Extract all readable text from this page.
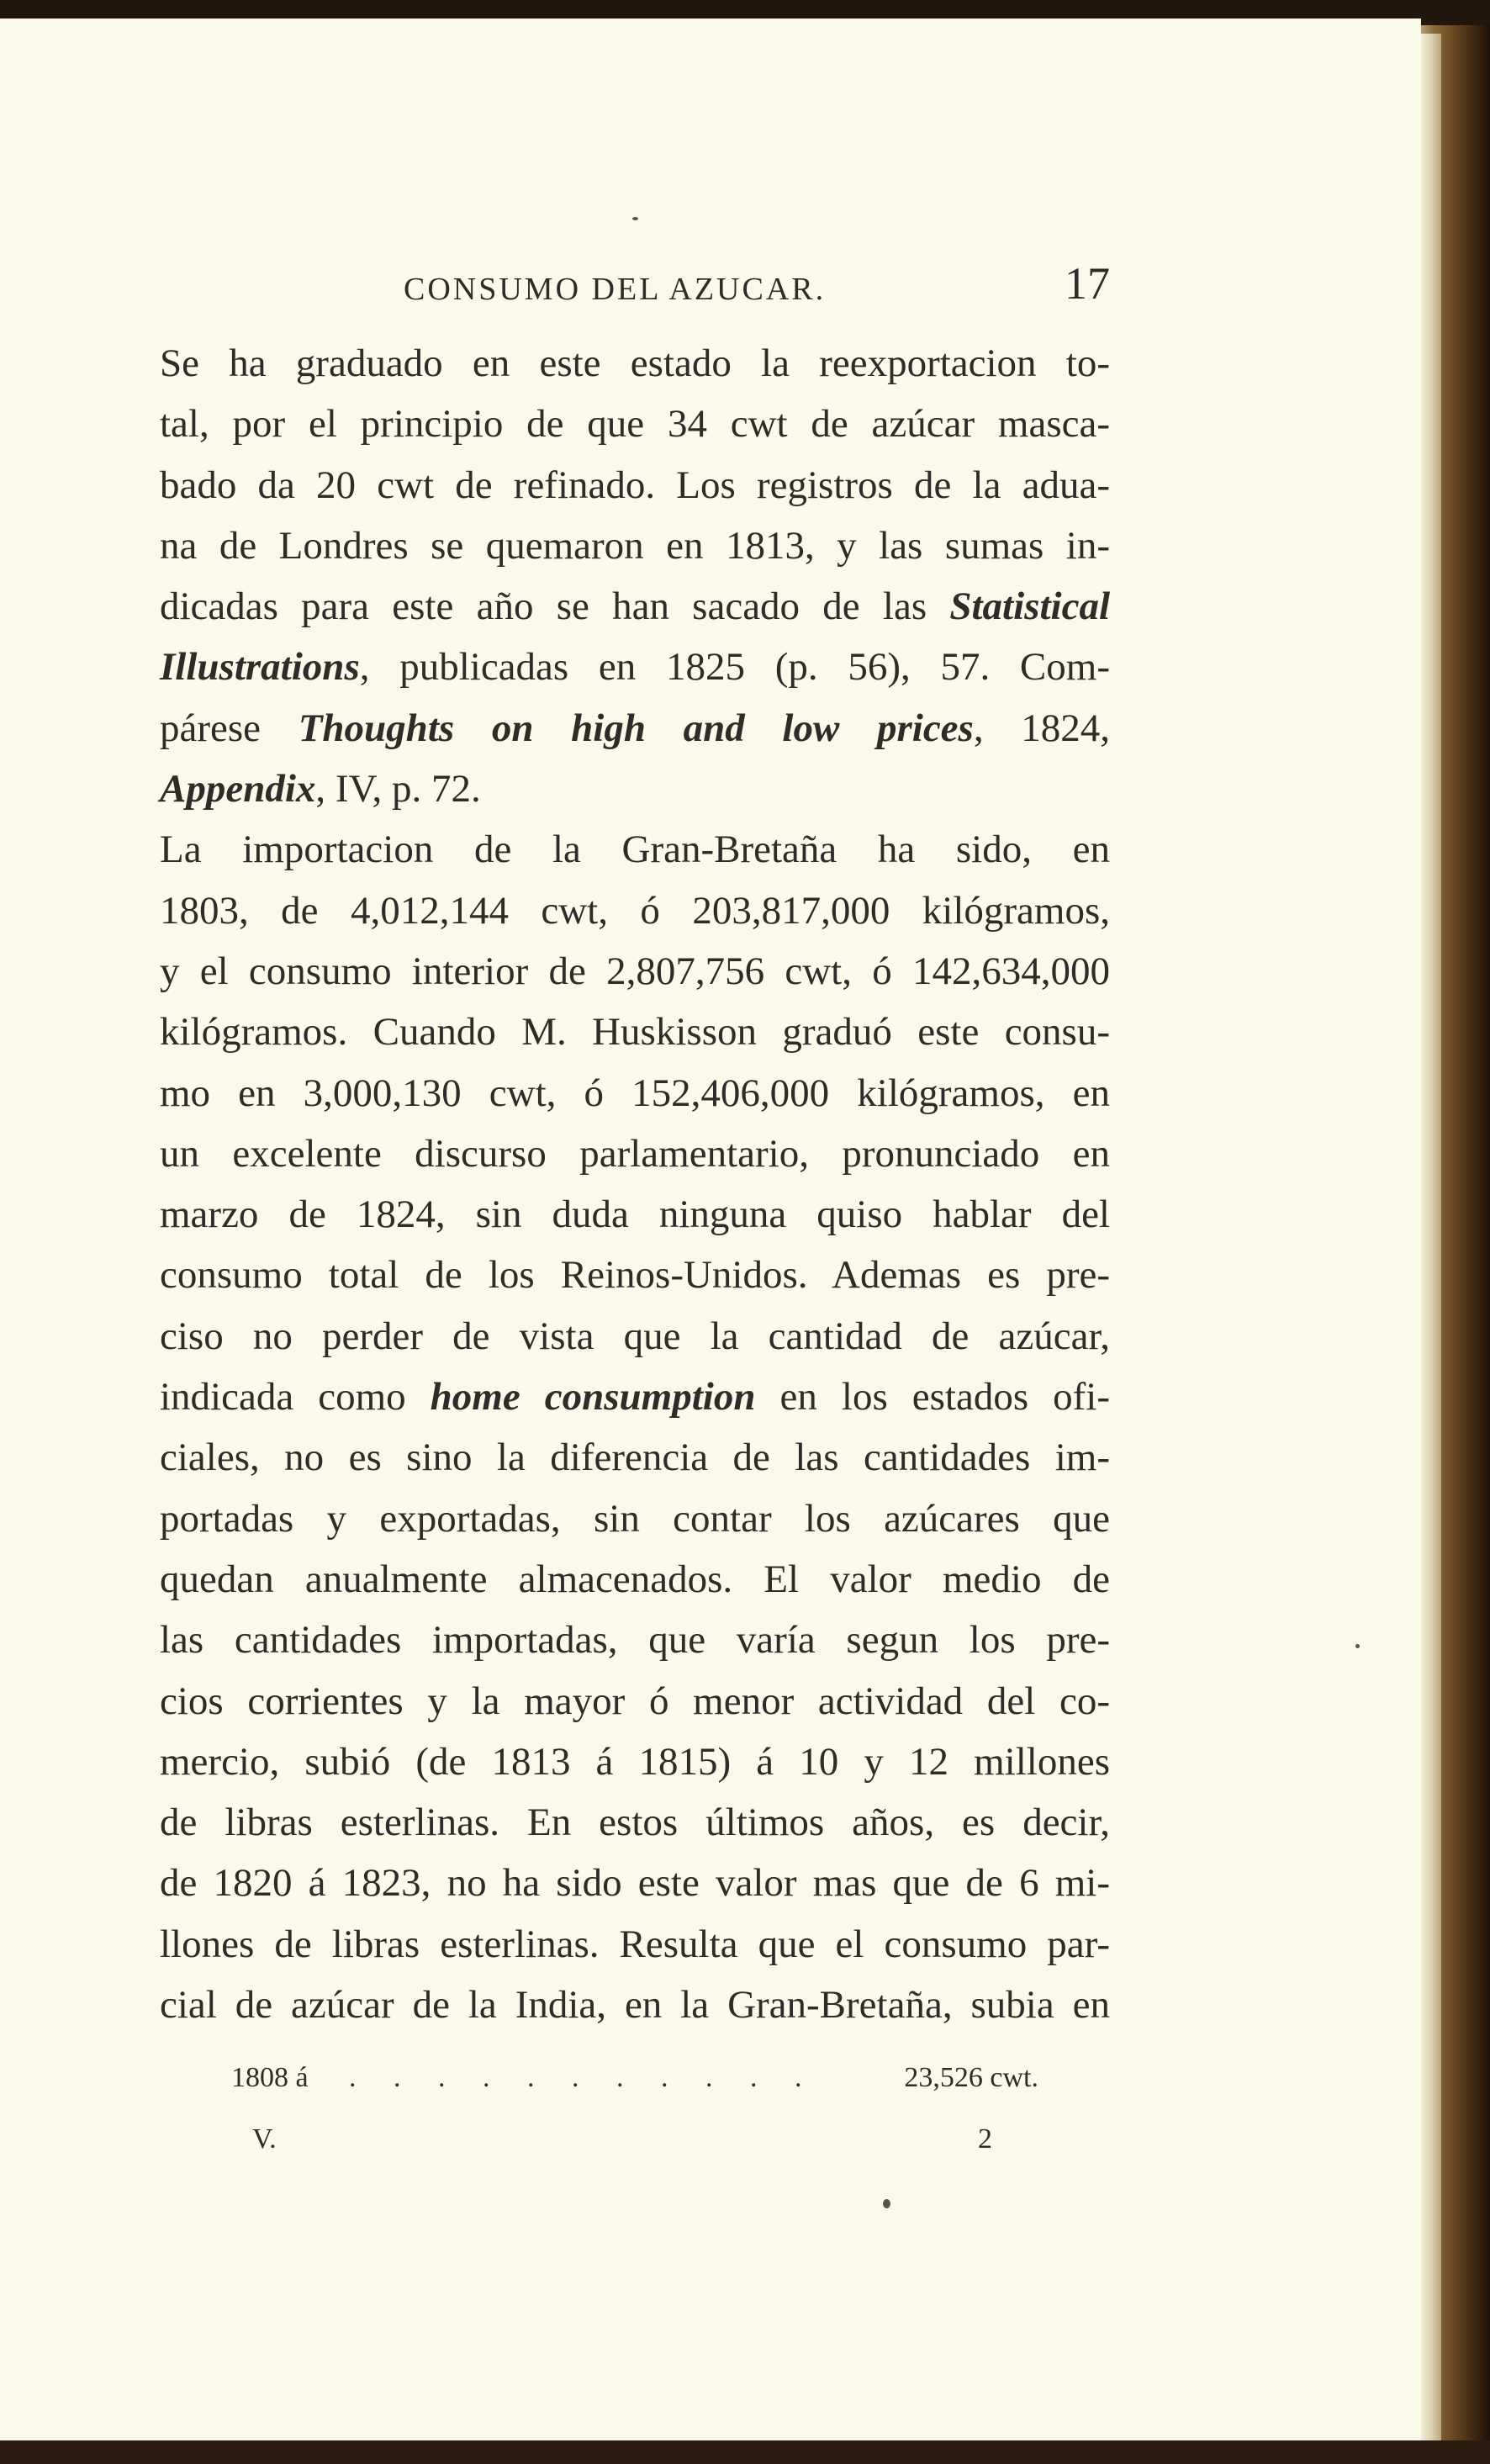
CONSUMO DEL AZUCAR.	17
Se ha graduado en este estado la reexportacion to-
tal, por el principio de que 34 cwt de azúcar masca-
bado da 20 cwt de refinado. Los registros de la adua-
na de Londres se quemaron en 1813, y las sumas in-
dicadas para este año se han sacado de las Statistical
Illustrations, publicadas en 1825 (p. 56), 57. Com-
párese Thoughts on high and low prices, 1824,
Appendix, IV, p. 72.
La importacion de la Gran-Bretaña ha sido, en
1803, de 4,012,144 cwt, ó 203,817,000 kilógramos,
y el consumo interior de 2,807,756 cwt, ó 142,634,000
kilógramos. Cuando M. Huskisson graduó este consu-
mo en 3,000,130 cwt, ó 152,406,000 kilógramos, en
un excelente discurso parlamentario, pronunciado en
marzo de 1824, sin duda ninguna quiso hablar del
consumo total de los Reinos-Unidos. Ademas es pre-
ciso no perder de vista que la cantidad de azúcar,
indicada como home consumption en los estados ofi-
ciales, no es sino la diferencia de las cantidades im-
portadas y exportadas, sin contar los azúcares que
quedan anualmente almacenados. El valor medio de
las cantidades importadas, que varía segun los pre-
cios corrientes y la mayor ó menor actividad del co-
mercio, subió (de 1813 á 1815) á 10 y 12 millones
de libras esterlinas. En estos últimos años, es decir,
de 1820 á 1823, no ha sido este valor mas que de 6 mi-
llones de libras esterlinas. Resulta que el consumo par-
cial de azúcar de la India, en la Gran-Bretaña, subia en
1808 á . . . . . . . . . . .	23,526 cwt.
V.	2
